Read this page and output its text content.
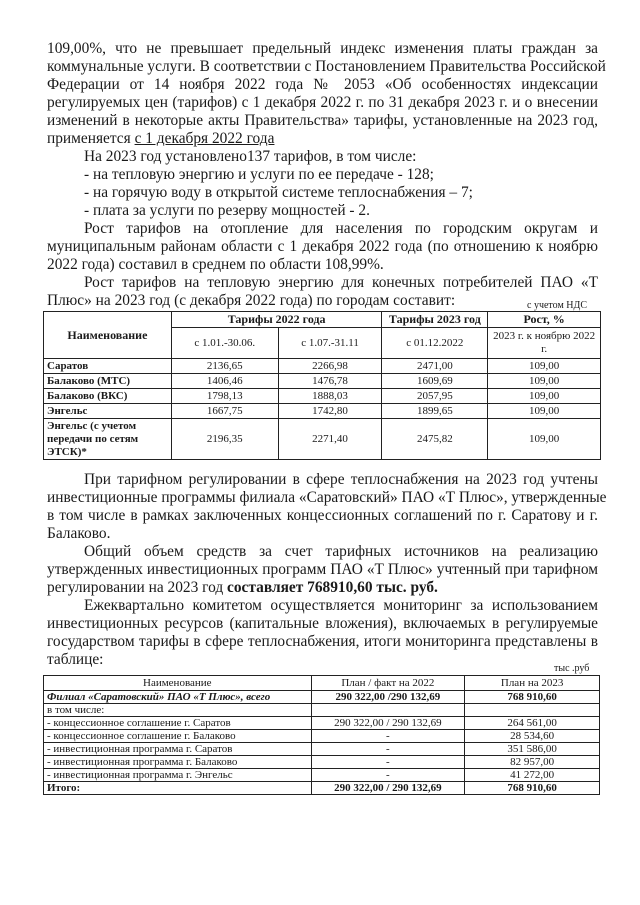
109,00%, что не превышает предельный индекс изменения платы граждан за
коммунальные услуги. В соответствии с Постановлением Правительства Российской
Федерации от 14 ноября 2022 года № 2053 «Об особенностях индексации
регулируемых цен (тарифов) с 1 декабря 2022 г. по 31 декабря 2023 г. и о внесении
изменений в некоторые акты Правительства» тарифы, установленные на 2023 год,
применяется с 1 декабря 2022 года
На 2023 год установлено137 тарифов, в том числе:
- на тепловую энергию и услуги по ее передаче - 128;
- на горячую воду в открытой системе теплоснабжения – 7;
- плата за услуги по резерву мощностей - 2.
Рост тарифов на отопление для населения по городским округам и
муниципальным районам области с 1 декабря 2022 года (по отношению к ноябрю
2022 года) составил в среднем по области 108,99%.
Рост тарифов на тепловую энергию для конечных потребителей ПАО «Т
Плюс» на 2023 год (с декабря 2022 года) по городам составит:	с учетом НДС
Наименование	Тарифы 2022 года		Тарифы 2023 год	Рост, %
	с 1.01.-30.06.	с 1.07.-31.11	с 01.12.2022	2023 г. к ноябрю 2022 г.
Саратов	2136,65	2266,98	2471,00	109,00
Балаково (МТС)	1406,46	1476,78	1609,69	109,00
Балаково (ВКС)	1798,13	1888,03	2057,95	109,00
Энгельс	1667,75	1742,80	1899,65	109,00
Энгельс (с учетом передачи по сетям ЭТСК)*	2196,35	2271,40	2475,82	109,00
При тарифном регулировании в сфере теплоснабжения на 2023 год учтены
инвестиционные программы филиала «Саратовский» ПАО «Т Плюс», утвержденные
в том числе в рамках заключенных концессионных соглашений по г. Саратову и г.
Балаково.
Общий объем средств за счет тарифных источников на реализацию
утвержденных инвестиционных программ ПАО «Т Плюс» учтенный при тарифном
регулировании на 2023 год составляет 768910,60 тыс. руб.
Ежеквартально комитетом осуществляется мониторинг за использованием
инвестиционных ресурсов (капитальные вложения), включаемых в регулируемые
государством тарифы в сфере теплоснабжения, итоги мониторинга представлены в
таблице:
тыс .руб
Наименование	План / факт на 2022	План на 2023
Филиал «Саратовский» ПАО «Т Плюс», всего	290 322,00 /290 132,69	768 910,60
в том числе:		
- концессионное соглашение г. Саратов	290 322,00 / 290 132,69	264 561,00
- концессионное соглашение г. Балаково	-	28 534,60
- инвестиционная программа г. Саратов	-	351 586,00
- инвестиционная программа г. Балаково	-	82 957,00
- инвестиционная программа г. Энгельс	-	41 272,00
Итого:	290 322,00 / 290 132,69	768 910,60
